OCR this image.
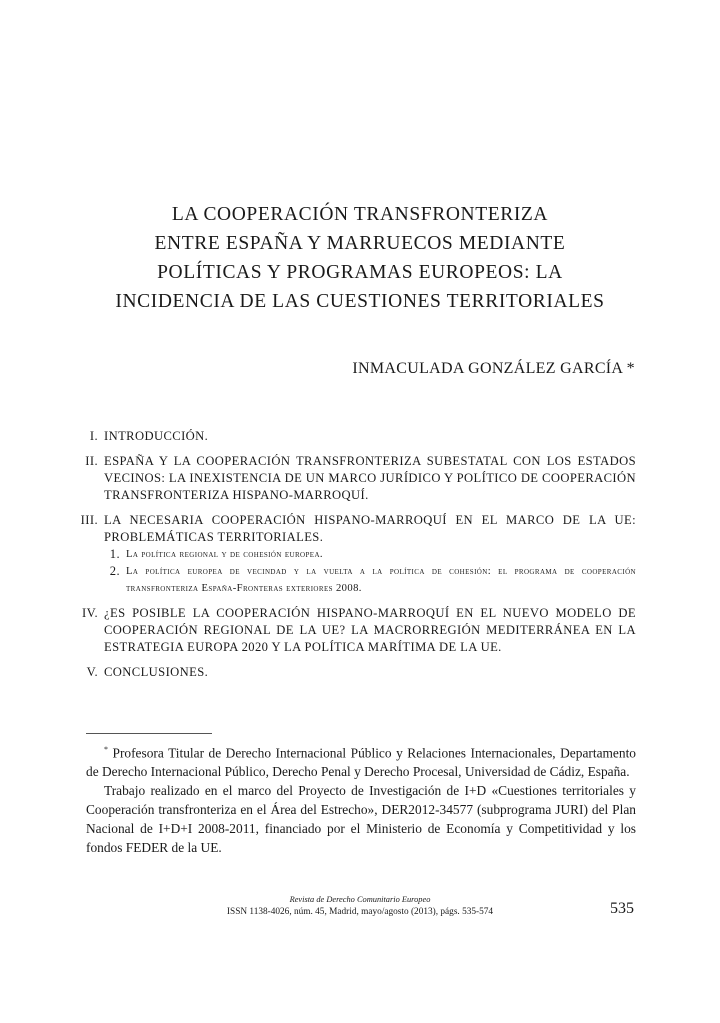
LA COOPERACIÓN TRANSFRONTERIZA
ENTRE ESPAÑA Y MARRUECOS MEDIANTE
POLÍTICAS Y PROGRAMAS EUROPEOS: LA
INCIDENCIA DE LAS CUESTIONES TERRITORIALES
INMACULADA GONZÁLEZ GARCÍA *
I. INTRODUCCIÓN.
II. ESPAÑA Y LA COOPERACIÓN TRANSFRONTERIZA SUBESTATAL CON LOS ESTADOS VECINOS: LA INEXISTENCIA DE UN MARCO JURÍDICO Y POLÍTICO DE COOPERACIÓN TRANSFRONTERIZA HISPANO-MARROQUÍ.
III. LA NECESARIA COOPERACIÓN HISPANO-MARROQUÍ EN EL MARCO DE LA UE: PROBLEMÁTICAS TERRITORIALES.
1. La política regional y de cohesión europea.
2. La política europea de vecindad y la vuelta a la política de cohesión: el programa de cooperación transfronteriza España-Fronteras exteriores 2008.
IV. ¿ES POSIBLE LA COOPERACIÓN HISPANO-MARROQUÍ EN EL NUEVO MODELO DE COOPERACIÓN REGIONAL DE LA UE? LA MACRORREGIÓN MEDITERRÁNEA EN LA ESTRATEGIA EUROPA 2020 Y LA POLÍTICA MARÍTIMA DE LA UE.
V. CONCLUSIONES.

* Profesora Titular de Derecho Internacional Público y Relaciones Internacionales, Departamento de Derecho Internacional Público, Derecho Penal y Derecho Procesal, Universidad de Cádiz, España.

Trabajo realizado en el marco del Proyecto de Investigación de I+D «Cuestiones territoriales y Cooperación transfronteriza en el Área del Estrecho», DER2012-34577 (subprograma JURI) del Plan Nacional de I+D+I 2008-2011, financiado por el Ministerio de Economía y Competitividad y los fondos FEDER de la UE.

Revista de Derecho Comunitario Europeo
ISSN 1138-4026, núm. 45, Madrid, mayo/agosto (2013), págs. 535-574	535
